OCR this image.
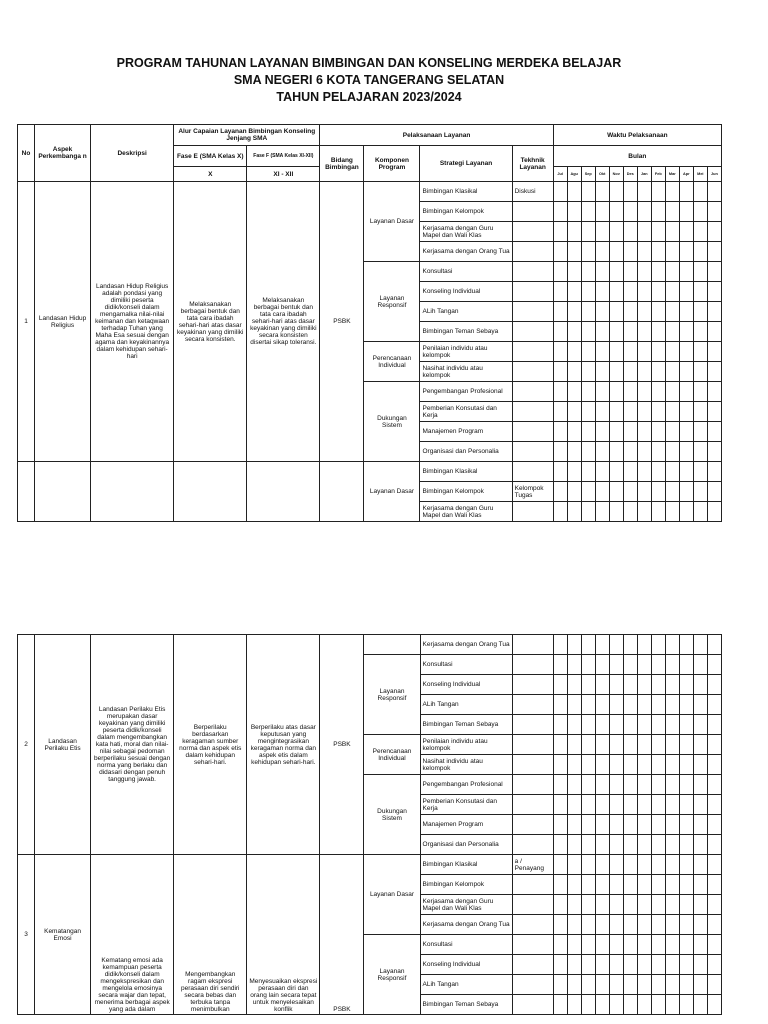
PROGRAM TAHUNAN LAYANAN BIMBINGAN DAN KONSELING MERDEKA BELAJAR
SMA NEGERI 6 KOTA TANGERANG SELATAN
TAHUN PELAJARAN 2023/2024
No	Aspek Perkembanga n	Deskripsi	Alur Capaian Layanan Bimbingan Konseling Jenjang SMA		Pelaksanaan Layanan				Waktu Pelaksanaan											
			Fase E (SMA Kelas X)	Fase F (SMA Kelas XI-XII)	Bidang Bimbingan	Komponen Program	Strategi Layanan	Tekhnik Layanan	Bulan											
			X	XI - XII					Jul	Agu	Sep	Okt	Nov	Des	Jan	Feb	Mar	Apr	Mei	Jun
1	Landasan Hidup Religius	Landasan Hidup Religius adalah pondasi yang dimiliki peserta didik/konseli dalam mengamalka nilai-nilai keimanan dan ketaqwaan terhadap Tuhan yang Maha Esa sesuai dengan agama dan keyakinannya dalam kehidupan sehari-hari	Melaksanakan berbagai bentuk dan tata cara ibadah sehari-hari atas dasar keyakinan yang dimiliki secara konsisten.	Melaksanakan berbagai bentuk dan tata cara ibadah sehari-hari atas dasar keyakinan yang dimiliki secara konsisten disertai sikap toleransi.	PSBK	Layanan Dasar	Bimbingan Klasikal	Diskusi												
							Bimbingan Kelompok													
							Kerjasama dengan Guru Mapel dan Wali Klas													
							Kerjasama dengan Orang Tua													
						Layanan Responsif	Konsultasi													
							Konseling Individual													
							ALih Tangan													
							Bimbingan Teman Sebaya													
						Perencanaan Individual	Penilaian individu atau kelompok													
							Nasihat individu atau kelompok													
						Dukungan Sistem	Pengembangan Profesional													
							Pemberian Konsutasi dan Kerja													
							Manajemen Program													
							Organisasi dan Personalia													
						Layanan Dasar	Bimbingan Klasikal													
							Bimbingan Kelompok	Kelompok Tugas												
							Kerjasama dengan Guru Mapel dan Wali Klas													
2	Landasan Perilaku Etis	Landasan Perilaku Etis merupakan dasar keyakinan yang dimiliki peserta didik/konseli dalam mengembangkan kata hati, moral dan nilai-nilai sebagai pedoman berperilaku sesuai dengan norma yang berlaku dan didasari dengan penuh tanggung jawab.	Berperilaku berdasarkan keragaman sumber norma dan aspek etis dalam kehidupan sehari-hari.	Berperilaku atas dasar keputusan yang mengintegrasikan keragaman norma dan aspek etis dalam kehidupan sehari-hari.	PSBK		Kerjasama dengan Orang Tua													
						Layanan Responsif	Konsultasi													
							Konseling Individual													
							ALih Tangan													
							Bimbingan Teman Sebaya													
						Perencanaan Individual	Penilaian individu atau kelompok													
							Nasihat individu atau kelompok													
						Dukungan Sistem	Pengembangan Profesional													
							Pemberian Konsutasi dan Kerja													
							Manajemen Program													
							Organisasi dan Personalia													
3	Kematangan Emosi	Kematang emosi ada kemampuan peserta didik/konseli dalam mengekspresikan dan mengelola emosinya secara wajar dan tepat, menerima berbagai aspek yang ada dalam	Mengembangkan ragam ekspresi perasaan diri sendiri secara bebas dan terbuka tanpa menimbulkan	Menyesuaikan ekspresi perasaan diri dan orang lain secara tepat untuk menyelesaikan konflik	PSBK	Layanan Dasar	Bimbingan Klasikal	a / Penayang												
							Bimbingan Kelompok													
							Kerjasama dengan Guru Mapel dan Wali Klas													
							Kerjasama dengan Orang Tua													
						Layanan Responsif	Konsultasi													
							Konseling Individual													
							ALih Tangan													
							Bimbingan Teman Sebaya													
